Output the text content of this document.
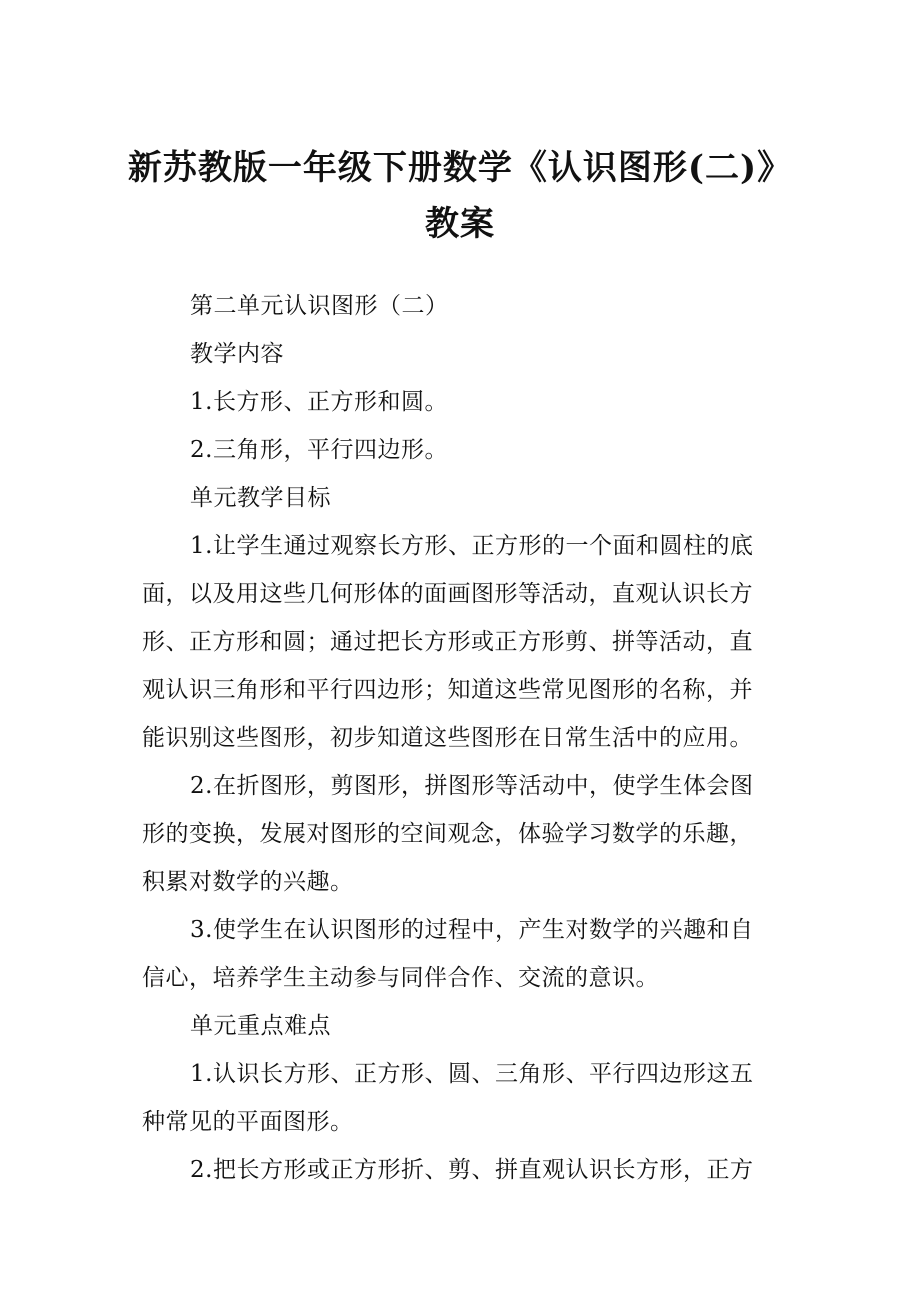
新苏教版一年级下册数学《认识图形(二)》
教案
第二单元认识图形（二）
教学内容
1.长方形、正方形和圆。
2.三角形，平行四边形。
单元教学目标
1.让学生通过观察长方形、正方形的一个面和圆柱的底
面，以及用这些几何形体的面画图形等活动，直观认识长方
形、正方形和圆；通过把长方形或正方形剪、拼等活动，直
观认识三角形和平行四边形；知道这些常见图形的名称，并
能识别这些图形，初步知道这些图形在日常生活中的应用。
2.在折图形，剪图形，拼图形等活动中，使学生体会图
形的变换，发展对图形的空间观念，体验学习数学的乐趣，
积累对数学的兴趣。
3.使学生在认识图形的过程中，产生对数学的兴趣和自
信心，培养学生主动参与同伴合作、交流的意识。
单元重点难点
1.认识长方形、正方形、圆、三角形、平行四边形这五
种常见的平面图形。
2.把长方形或正方形折、剪、拼直观认识长方形，正方
